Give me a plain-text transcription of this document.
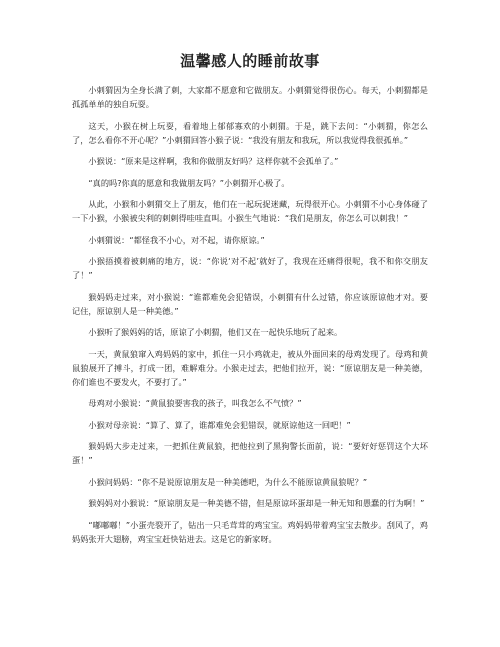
温馨感人的睡前故事

小刺猬因为全身长满了刺，大家都不愿意和它做朋友。小刺猬觉得很伤心。每天，小刺猬都是孤孤单单的独自玩耍。

这天，小猴在树上玩耍，看着地上郁郁寡欢的小刺猬。于是，跳下去问：“小刺猬，你怎么了，怎么看你不开心呢？”小刺猬回答小猴子说：“我没有朋友和我玩，所以我觉得我很孤单。”

小猴说：“原来是这样啊，我和你做朋友好吗？这样你就不会孤单了。”

“真的吗?你真的愿意和我做朋友吗？”小刺猬开心极了。

从此，小猴和小刺猬交上了朋友，他们在一起玩捉迷藏，玩得很开心。小刺猬不小心身体碰了一下小猴，小猴被尖利的刺刺得哇哇直叫。小猴生气地说：“我们是朋友，你怎么可以刺我！”

小刺猬说：“都怪我不小心，对不起，请你原谅。”

小猴捂摸着被刺痛的地方，说：“你说‘对不起’就好了，我现在还痛得很呢，我不和你交朋友了！”

猴妈妈走过来，对小猴说：“谁都难免会犯错误，小刺猬有什么过错，你应该原谅他才对。要记住，原谅别人是一种美德。”

小猴听了猴妈妈的话，原谅了小刺猬，他们又在一起快乐地玩了起来。

一天，黄鼠狼窜入鸡妈妈的家中，抓住一只小鸡就走，被从外面回来的母鸡发现了。母鸡和黄鼠狼展开了搏斗，打成一团，难解难分。小猴走过去，把他们拉开，说：“原谅朋友是一种美德，你们谁也不要发火，不要打了。”

母鸡对小猴说：“黄鼠狼要害我的孩子，叫我怎么不气愤？”

小猴对母亲说：“算了、算了，谁都难免会犯错误，就原谅他这一回吧！”

猴妈妈大步走过来，一把抓住黄鼠狼，把他拉到了黑狗警长面前，说：“要好好惩罚这个大坏蛋！”

小猴问妈妈：“你不是说原谅朋友是一种美德吧，为什么不能原谅黄鼠狼呢？”

猴妈妈对小猴说：“原谅朋友是一种美德不错，但是原谅坏蛋却是一种无知和愚蠢的行为啊！”

“嘟嘟嘟！”小蛋壳裂开了，钻出一只毛茸茸的鸡宝宝。鸡妈妈带着鸡宝宝去散步。刮风了，鸡妈妈张开大翅膀，鸡宝宝赶快钻进去。这是它的新家呀。
